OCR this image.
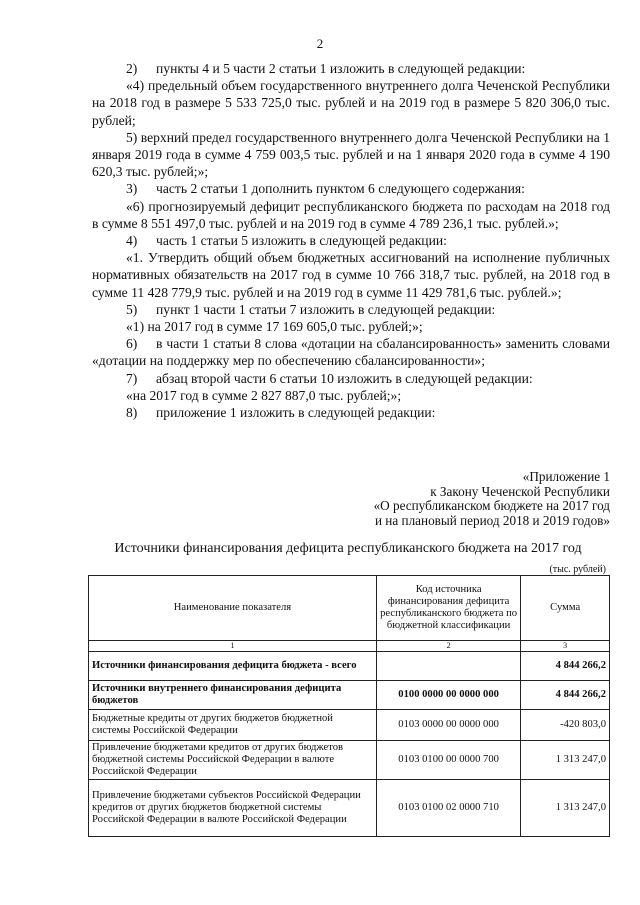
2

2) пункты 4 и 5 части 2 статьи 1 изложить в следующей редакции:

«4) предельный объем государственного внутреннего долга Чеченской Республики на 2018 год в размере 5 533 725,0 тыс. рублей и на 2019 год в размере 5 820 306,0 тыс. рублей;

5) верхний предел государственного внутреннего долга Чеченской Республики на 1 января 2019 года в сумме 4 759 003,5 тыс. рублей и на 1 января 2020 года в сумме 4 190 620,3 тыс. рублей;»;

3) часть 2 статьи 1 дополнить пунктом 6 следующего содержания:

«6) прогнозируемый дефицит республиканского бюджета по расходам на 2018 год в сумме 8 551 497,0 тыс. рублей и на 2019 год в сумме 4 789 236,1 тыс. рублей.»;

4) часть 1 статьи 5 изложить в следующей редакции:

«1. Утвердить общий объем бюджетных ассигнований на исполнение публичных нормативных обязательств на 2017 год в сумме 10 766 318,7 тыс. рублей, на 2018 год в сумме 11 428 779,9 тыс. рублей и на 2019 год в сумме 11 429 781,6 тыс. рублей.»;

5) пункт 1 части 1 статьи 7 изложить в следующей редакции:

«1) на 2017 год в сумме 17 169 605,0 тыс. рублей;»;

6) в части 1 статьи 8 слова «дотации на сбалансированность» заменить словами «дотации на поддержку мер по обеспечению сбалансированности»;

7) абзац второй части 6 статьи 10 изложить в следующей редакции:

«на 2017 год в сумме 2 827 887,0 тыс. рублей;»;

8) приложение 1 изложить в следующей редакции:

«Приложение 1
к Закону Чеченской Республики
«О республиканском бюджете на 2017 год
и на плановый период 2018 и 2019 годов»
Источники финансирования дефицита республиканского бюджета на 2017 год
(тыс. рублей)
Наименование показателя	Код источника финансирования дефицита республиканского бюджета по бюджетной классификации	Сумма
1	2	3
Источники финансирования дефицита бюджета - всего		4 844 266,2
Источники внутреннего финансирования дефицита бюджетов	0100 0000 00 0000 000	4 844 266,2
Бюджетные кредиты от других бюджетов бюджетной системы Российской Федерации	0103 0000 00 0000 000	-420 803,0
Привлечение бюджетами кредитов от других бюджетов бюджетной системы Российской Федерации в валюте Российской Федерации	0103 0100 00 0000 700	1 313 247,0
Привлечение бюджетами субъектов Российской Федерации кредитов от других бюджетов бюджетной системы Российской Федерации в валюте Российской Федерации	0103 0100 02 0000 710	1 313 247,0
